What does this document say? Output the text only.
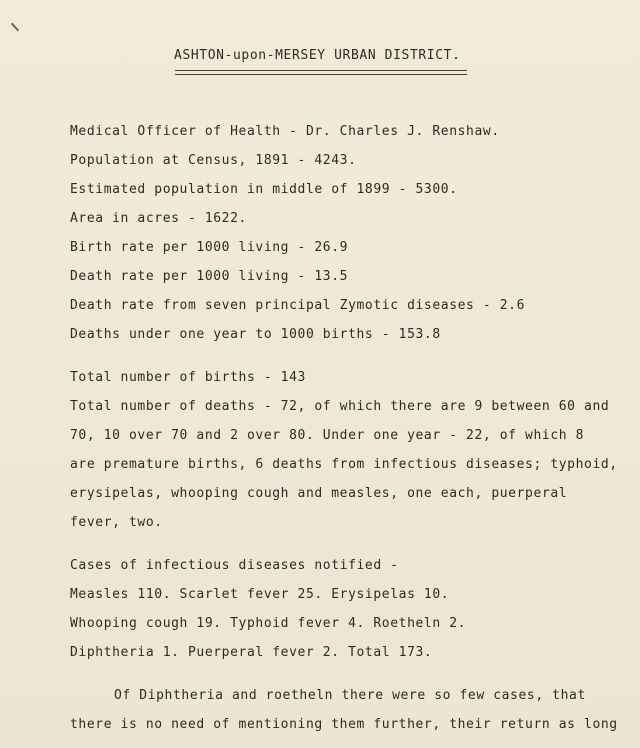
ASHTON-upon-MERSEY URBAN DISTRICT.
Medical Officer of Health - Dr. Charles J. Renshaw.
Population at Census, 1891 - 4243.
Estimated population in middle of 1899 - 5300.
Area in acres - 1622.
Birth rate per 1000 living - 26.9
Death rate per 1000 living - 13.5
Death rate from seven principal Zymotic diseases - 2.6
Deaths under one year to 1000 births - 153.8
Total number of births - 143
Total number of deaths - 72, of which there are 9 between 60 and
70, 10 over 70 and 2 over 80. Under one year - 22, of which 8
are premature births, 6 deaths from infectious diseases; typhoid,
erysipelas, whooping cough and measles, one each, puerperal
fever, two.
Cases of infectious diseases notified -
Measles 110. Scarlet fever 25. Erysipelas 10.
Whooping cough 19. Typhoid fever 4. Roetheln 2.
Diphtheria 1. Puerperal fever 2. Total 173.
Of Diphtheria and roetheln there were so few cases, that
there is no need of mentioning them further, their return as long
